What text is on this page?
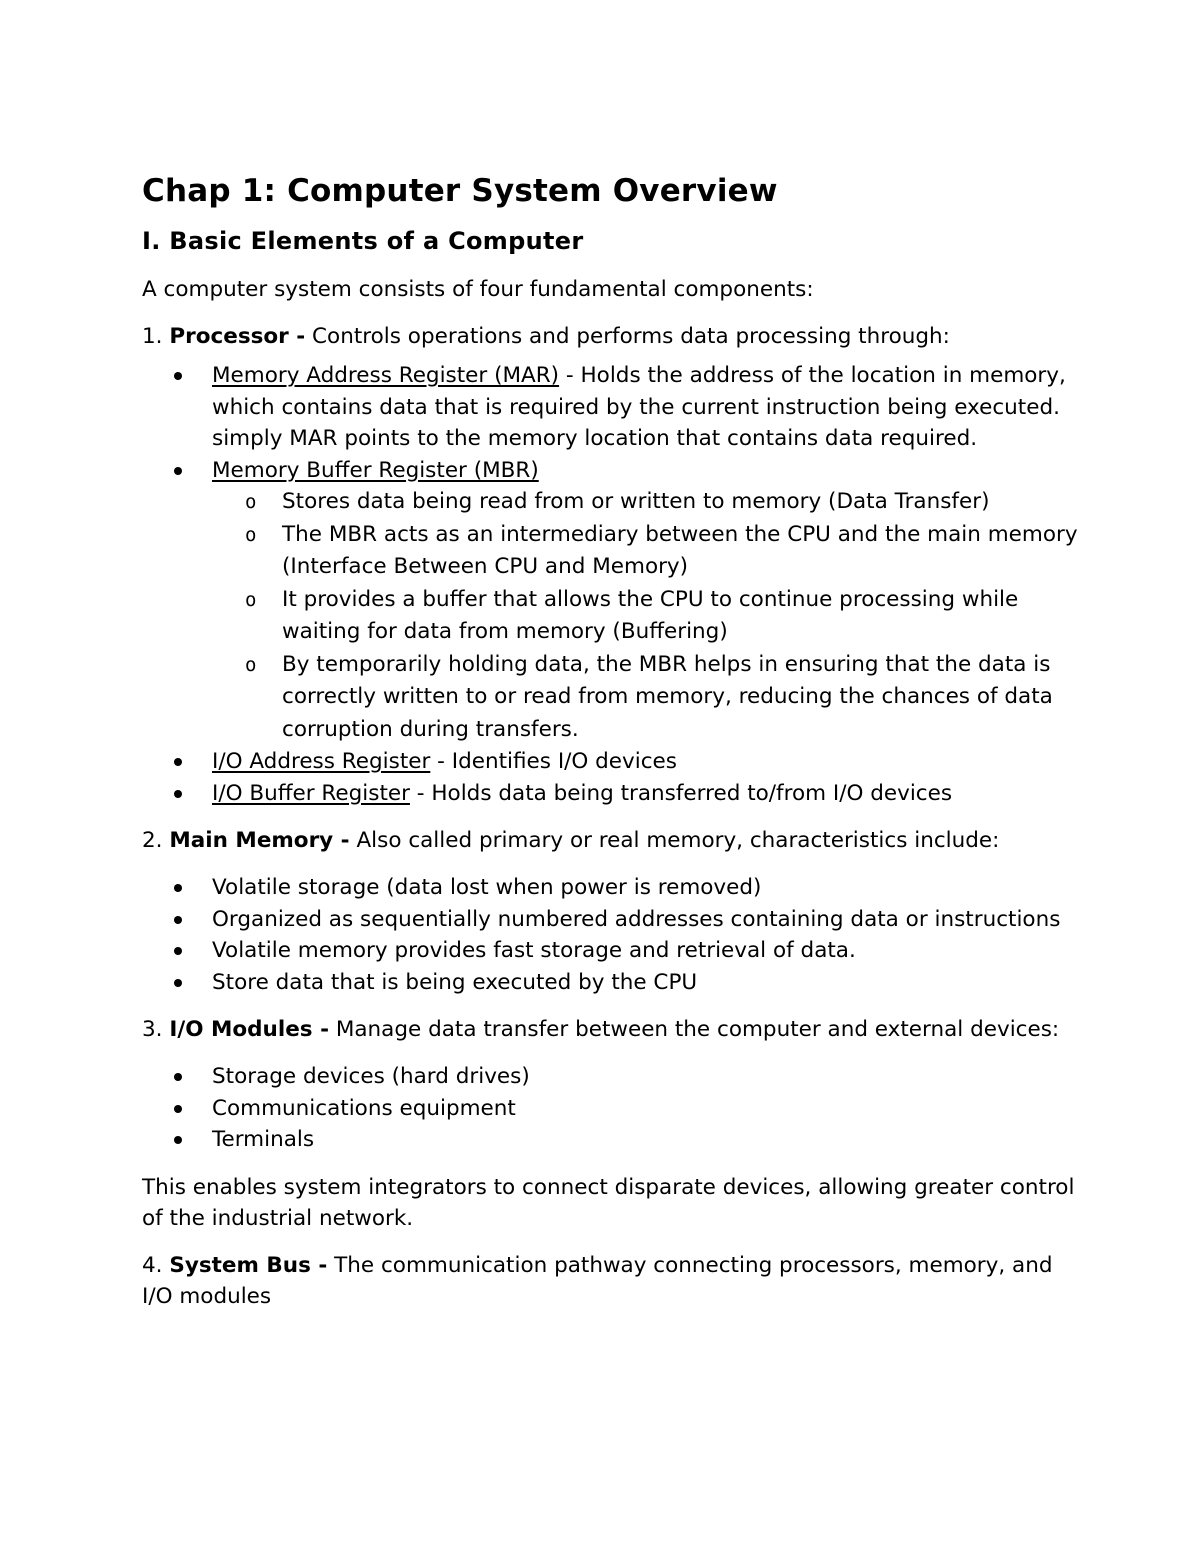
Chap 1: Computer System Overview
I. Basic Elements of a Computer

A computer system consists of four fundamental components:

1. Processor - Controls operations and performs data processing through:

Memory Address Register (MAR) - Holds the address of the location in memory, which contains data that is required by the current instruction being executed. simply MAR points to the memory location that contains data required.
Memory Buffer Register (MBR)
o Stores data being read from or written to memory (Data Transfer)
o The MBR acts as an intermediary between the CPU and the main memory (Interface Between CPU and Memory)
o It provides a buffer that allows the CPU to continue processing while waiting for data from memory (Buffering)
o By temporarily holding data, the MBR helps in ensuring that the data is correctly written to or read from memory, reducing the chances of data corruption during transfers.
I/O Address Register - Identifies I/O devices
I/O Buffer Register - Holds data being transferred to/from I/O devices

2. Main Memory - Also called primary or real memory, characteristics include:

Volatile storage (data lost when power is removed)
Organized as sequentially numbered addresses containing data or instructions
Volatile memory provides fast storage and retrieval of data.
Store data that is being executed by the CPU

3. I/O Modules - Manage data transfer between the computer and external devices:

Storage devices (hard drives)
Communications equipment
Terminals

This enables system integrators to connect disparate devices, allowing greater control of the industrial network.

4. System Bus - The communication pathway connecting processors, memory, and I/O modules
